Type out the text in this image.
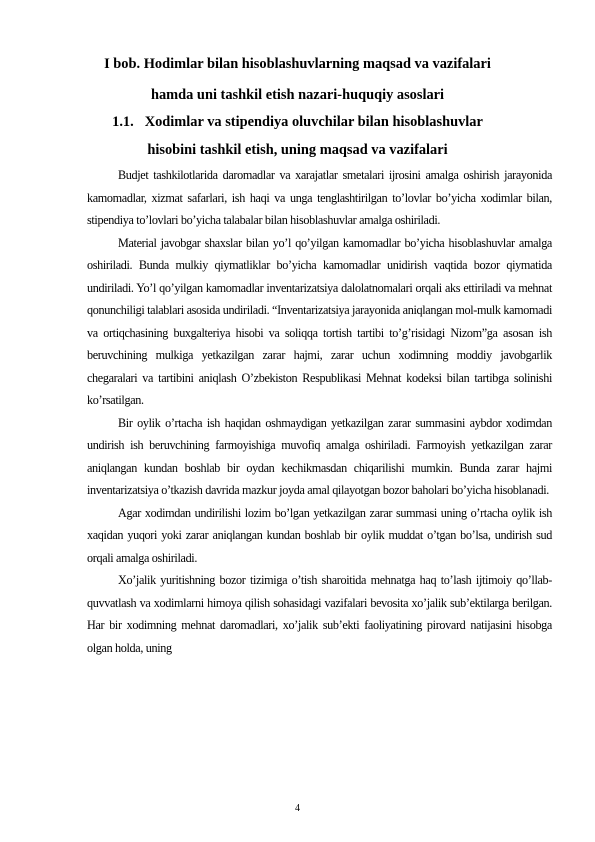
I bob. Hodimlar bilan hisoblashuvlarning maqsad va vazifalari
hamda uni tashkil etish nazari-huquqiy asoslari
1.1. Xodimlar va stipendiya oluvchilar bilan hisoblashuvlar
hisobini tashkil etish, uning maqsad va vazifalari

Budjet tashkilotlarida daromadlar va xarajatlar smetalari ijrosini amalga oshirish jarayonida kamomadlar, xizmat safarlari, ish haqi va unga tenglashtirilgan to’lovlar bo’yicha xodimlar bilan, stipendiya to’lovlari bo’yicha talabalar bilan hisoblashuvlar amalga oshiriladi.

Material javobgar shaxslar bilan yo’l qo’yilgan kamomadlar bo’yicha hisoblashuvlar amalga oshiriladi. Bunda mulkiy qiymatliklar bo’yicha kamomadlar unidirish vaqtida bozor qiymatida undiriladi. Yo’l qo’yilgan kamomadlar inventarizatsiya dalolatnomalari orqali aks ettiriladi va mehnat qonunchiligi talablari asosida undiriladi. “Inventarizatsiya jarayonida aniqlangan mol-mulk kamomadi va ortiqchasining buxgalteriya hisobi va soliqqa tortish tartibi to’g’risidagi Nizom”ga asosan ish beruvchining mulkiga yetkazilgan zarar hajmi, zarar uchun xodimning moddiy javobgarlik chegaralari va tartibini aniqlash O’zbekiston Respublikasi Mehnat kodeksi bilan tartibga solinishi ko’rsatilgan.

Bir oylik o’rtacha ish haqidan oshmaydigan yetkazilgan zarar summasini aybdor xodimdan undirish ish beruvchining farmoyishiga muvofiq amalga oshiriladi. Farmoyish yetkazilgan zarar aniqlangan kundan boshlab bir oydan kechikmasdan chiqarilishi mumkin. Bunda zarar hajmi inventarizatsiya o’tkazish davrida mazkur joyda amal qilayotgan bozor baholari bo’yicha hisoblanadi.

Agar xodimdan undirilishi lozim bo’lgan yetkazilgan zarar summasi uning o’rtacha oylik ish xaqidan yuqori yoki zarar aniqlangan kundan boshlab bir oylik muddat o’tgan bo’lsa, undirish sud orqali amalga oshiriladi.

Xo’jalik yuritishning bozor tizimiga o’tish sharoitida mehnatga haq to’lash ijtimoiy qo’llab-quvvatlash va xodimlarni himoya qilish sohasidagi vazifalari bevosita xo’jalik sub’ektilarga berilgan. Har bir xodimning mehnat daromadlari, xo’jalik sub’ekti faoliyatining pirovard natijasini hisobga olgan holda, uning

4
